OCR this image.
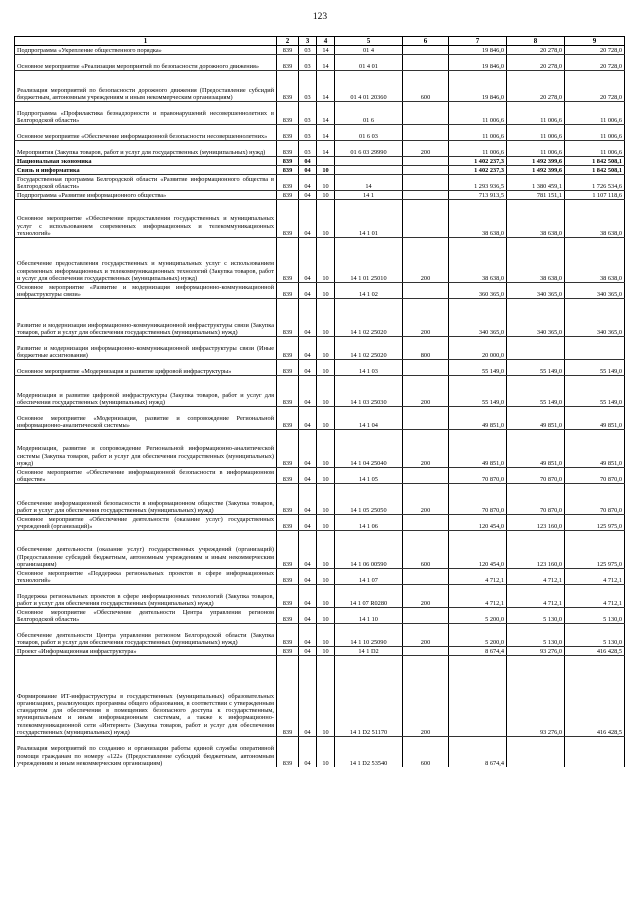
123
1	2	3	4	5	6	7	8	9
Подпрограмма «Укрепление общественного порядка»	839	03	14	01 4		19 846,0	20 278,0	20 728,0
Основное мероприятие «Реализация мероприятий по безопасности дорожного движения»	839	03	14	01 4 01		19 846,0	20 278,0	20 728,0
Реализация мероприятий по безопасности дорожного движения (Предоставление субсидий бюджетным, автономным учреждениям и иным некоммерческим организациям)	839	03	14	01 4 01 20360	600	19 846,0	20 278,0	20 728,0
Подпрограмма «Профилактика безнадзорности и правонарушений несовершеннолетних в Белгородской области»	839	03	14	01 6		11 006,6	11 006,6	11 006,6
Основное мероприятие «Обеспечение информационной безопасности несовершеннолетних»	839	03	14	01 6 03		11 006,6	11 006,6	11 006,6
Мероприятия (Закупка товаров, работ и услуг для государственных (муниципальных) нужд)	839	03	14	01 6 03 29990	200	11 006,6	11 006,6	11 006,6
Национальная экономика	839	04				1 402 237,3	1 492 399,6	1 842 508,1
Связь и информатика	839	04	10			1 402 237,3	1 492 399,6	1 842 508,1
Государственная программа Белгородской области «Развитие информационного общества в Белгородской области»	839	04	10	14		1 293 936,5	1 380 459,1	1 726 534,6
Подпрограмма «Развитие информационного общества»	839	04	10	14 1		713 913,5	781 151,1	1 107 118,6
Основное мероприятие «Обеспечение предоставления государственных и муниципальных услуг с использованием современных информационных и телекоммуникационных технологий»	839	04	10	14 1 01		38 638,0	38 638,0	38 638,0
Обеспечение предоставления государственных и муниципальных услуг с использованием современных информационных и телекоммуникационных технологий (Закупка товаров, работ и услуг для обеспечения государственных (муниципальных) нужд)	839	04	10	14 1 01 25010	200	38 638,0	38 638,0	38 638,0
Основное мероприятие «Развитие и модернизация информационно-коммуникационной инфраструктуры связи»	839	04	10	14 1 02		360 365,0	340 365,0	340 365,0
Развитие и модернизация информационно-коммуникационной инфраструктуры связи (Закупка товаров, работ и услуг для обеспечения государственных (муниципальных) нужд)	839	04	10	14 1 02 25020	200	340 365,0	340 365,0	340 365,0
Развитие и модернизация информационно-коммуникационной инфраструктуры связи (Иные бюджетные ассигнования)	839	04	10	14 1 02 25020	800	20 000,0		
Основное мероприятие «Модернизация и развитие цифровой инфраструктуры»	839	04	10	14 1 03		55 149,0	55 149,0	55 149,0
Модернизация и развитие цифровой инфраструктуры (Закупка товаров, работ и услуг для обеспечения государственных (муниципальных) нужд)	839	04	10	14 1 03 25030	200	55 149,0	55 149,0	55 149,0
Основное мероприятие «Модернизация, развитие и сопровождение Региональной информационно-аналитической системы»	839	04	10	14 1 04		49 851,0	49 851,0	49 851,0
Модернизация, развитие и сопровождение Региональной информационно-аналитической системы (Закупка товаров, работ и услуг для обеспечения государственных (муниципальных) нужд)	839	04	10	14 1 04 25040	200	49 851,0	49 851,0	49 851,0
Основное мероприятие «Обеспечение информационной безопасности в информационном обществе»	839	04	10	14 1 05		70 870,0	70 870,0	70 870,0
Обеспечение информационной безопасности в информационном обществе (Закупка товаров, работ и услуг для обеспечения государственных (муниципальных) нужд)	839	04	10	14 1 05 25050	200	70 870,0	70 870,0	70 870,0
Основное мероприятие «Обеспечение деятельности (оказание услуг) государственных учреждений (организаций)»	839	04	10	14 1 06		120 454,0	123 160,0	125 975,0
Обеспечение деятельности (оказание услуг) государственных учреждений (организаций) (Предоставление субсидий бюджетным, автономным учреждениям и иным некоммерческим организациям)	839	04	10	14 1 06 00590	600	120 454,0	123 160,0	125 975,0
Основное мероприятие «Поддержка региональных проектов в сфере информационных технологий»	839	04	10	14 1 07		4 712,1	4 712,1	4 712,1
Поддержка региональных проектов в сфере информационных технологий (Закупка товаров, работ и услуг для обеспечения государственных (муниципальных) нужд)	839	04	10	14 1 07 R0280	200	4 712,1	4 712,1	4 712,1
Основное мероприятие «Обеспечение деятельности Центра управления регионом Белгородской области»	839	04	10	14 1 10		5 200,0	5 130,0	5 130,0
Обеспечение деятельности Центра управления регионом Белгородской области (Закупка товаров, работ и услуг для обеспечения государственных (муниципальных) нужд)	839	04	10	14 1 10 25090	200	5 200,0	5 130,0	5 130,0
Проект «Информационная инфраструктура»	839	04	10	14 1 D2		8 674,4	93 276,0	416 428,5
Формирование ИТ-инфраструктуры в государственных (муниципальных) образовательных организациях, реализующих программы общего образования, в соответствии с утвержденным стандартом для обеспечения в помещениях безопасного доступа к государственным, муниципальным и иным информационным системам, а также к информационно-телекоммуникационной сети «Интернет» (Закупка товаров, работ и услуг для обеспечения государственных (муниципальных) нужд)	839	04	10	14 1 D2 51170	200		93 276,0	416 428,5
Реализация мероприятий по созданию и организации работы единой службы оперативной помощи гражданам по номеру «122» (Предоставление субсидий бюджетным, автономным учреждениям и иным некоммерческим организациям)	839	04	10	14 1 D2 53540	600	8 674,4		
